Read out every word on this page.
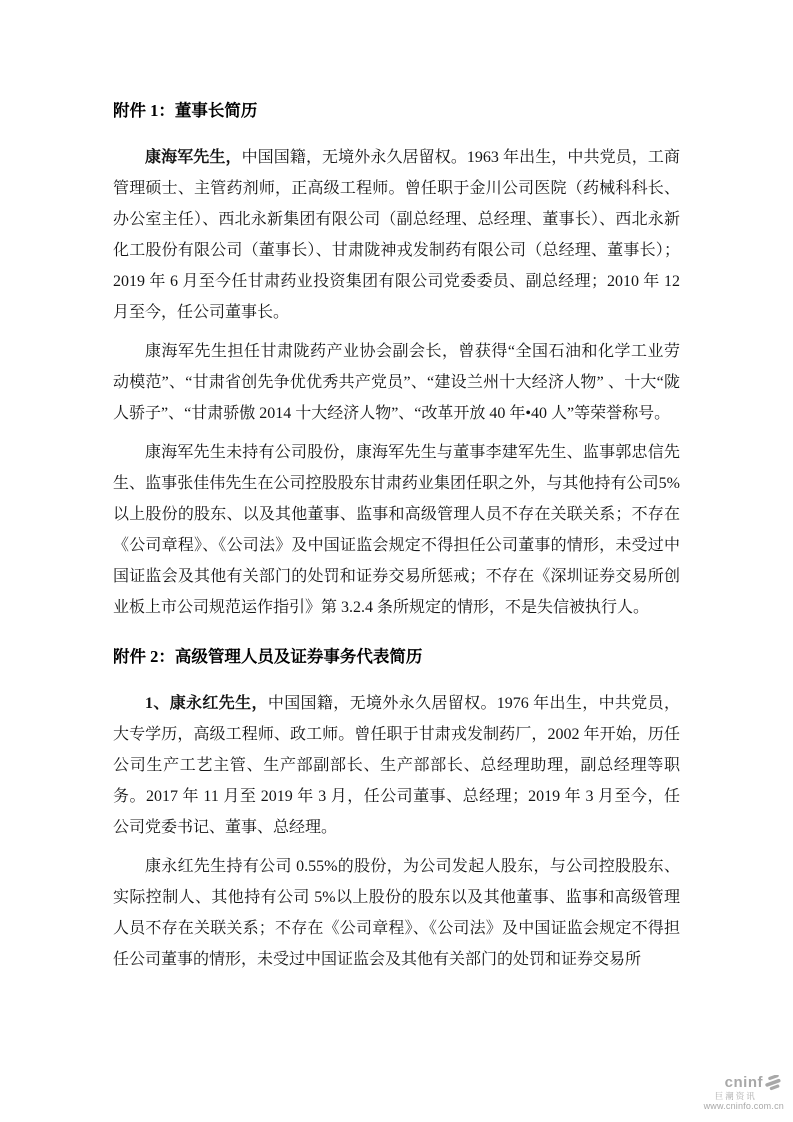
附件 1：董事长简历

康海军先生，中国国籍，无境外永久居留权。1963 年出生，中共党员，工商管理硕士、主管药剂师，正高级工程师。曾任职于金川公司医院（药械科科长、办公室主任）、西北永新集团有限公司（副总经理、总经理、董事长）、西北永新化工股份有限公司（董事长）、甘肃陇神戎发制药有限公司（总经理、董事长）；2019 年 6 月至今任甘肃药业投资集团有限公司党委委员、副总经理；2010 年 12 月至今，任公司董事长。

康海军先生担任甘肃陇药产业协会副会长，曾获得“全国石油和化学工业劳动模范”、“甘肃省创先争优优秀共产党员”、“建设兰州十大经济人物” 、十大“陇人骄子”、“甘肃骄傲 2014 十大经济人物”、“改革开放 40 年•40 人”等荣誉称号。

康海军先生未持有公司股份，康海军先生与董事李建军先生、监事郭忠信先生、监事张佳伟先生在公司控股股东甘肃药业集团任职之外，与其他持有公司5%以上股份的股东、以及其他董事、监事和高级管理人员不存在关联关系；不存在《公司章程》、《公司法》及中国证监会规定不得担任公司董事的情形，未受过中国证监会及其他有关部门的处罚和证券交易所惩戒；不存在《深圳证券交易所创业板上市公司规范运作指引》第 3.2.4 条所规定的情形，不是失信被执行人。

附件 2：高级管理人员及证券事务代表简历

1、康永红先生，中国国籍，无境外永久居留权。1976 年出生，中共党员，大专学历，高级工程师、政工师。曾任职于甘肃戎发制药厂，2002 年开始，历任公司生产工艺主管、生产部副部长、生产部部长、总经理助理，副总经理等职务。2017 年 11 月至 2019 年 3 月，任公司董事、总经理；2019 年 3 月至今，任公司党委书记、董事、总经理。

康永红先生持有公司 0.55%的股份，为公司发起人股东，与公司控股股东、实际控制人、其他持有公司 5%以上股份的股东以及其他董事、监事和高级管理人员不存在关联关系；不存在《公司章程》、《公司法》及中国证监会规定不得担任公司董事的情形，未受过中国证监会及其他有关部门的处罚和证券交易所

cninf
巨潮资讯
www.cninfo.com.cn
